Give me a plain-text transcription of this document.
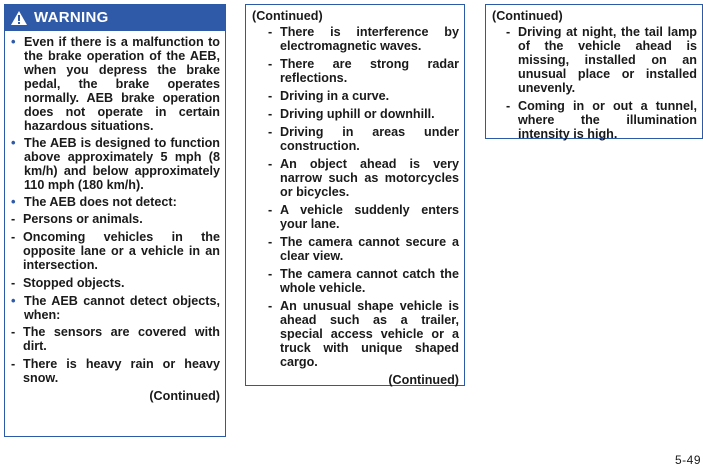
WARNING
• Even if there is a malfunction to the brake operation of the AEB, when you depress the brake pedal, the brake operates normally. AEB brake operation does not operate in certain hazardous situations.
• The AEB is designed to function above approximately 5 mph (8 km/h) and below approximately 110 mph (180 km/h).
• The AEB does not detect:
- Persons or animals.
- Oncoming vehicles in the opposite lane or a vehicle in an intersection.
- Stopped objects.
• The AEB cannot detect objects, when:
- The sensors are covered with dirt.
- There is heavy rain or heavy snow.
(Continued)
(Continued)
- There is interference by electromagnetic waves.
- There are strong radar reflections.
- Driving in a curve.
- Driving uphill or downhill.
- Driving in areas under construction.
- An object ahead is very narrow such as motorcycles or bicycles.
- A vehicle suddenly enters your lane.
- The camera cannot secure a clear view.
- The camera cannot catch the whole vehicle.
- An unusual shape vehicle is ahead such as a trailer, special access vehicle or a truck with unique shaped cargo.
(Continued)
(Continued)
- Driving at night, the tail lamp of the vehicle ahead is missing, installed on an unusual place or installed unevenly.
- Coming in or out a tunnel, where the illumination intensity is high.
5-49
